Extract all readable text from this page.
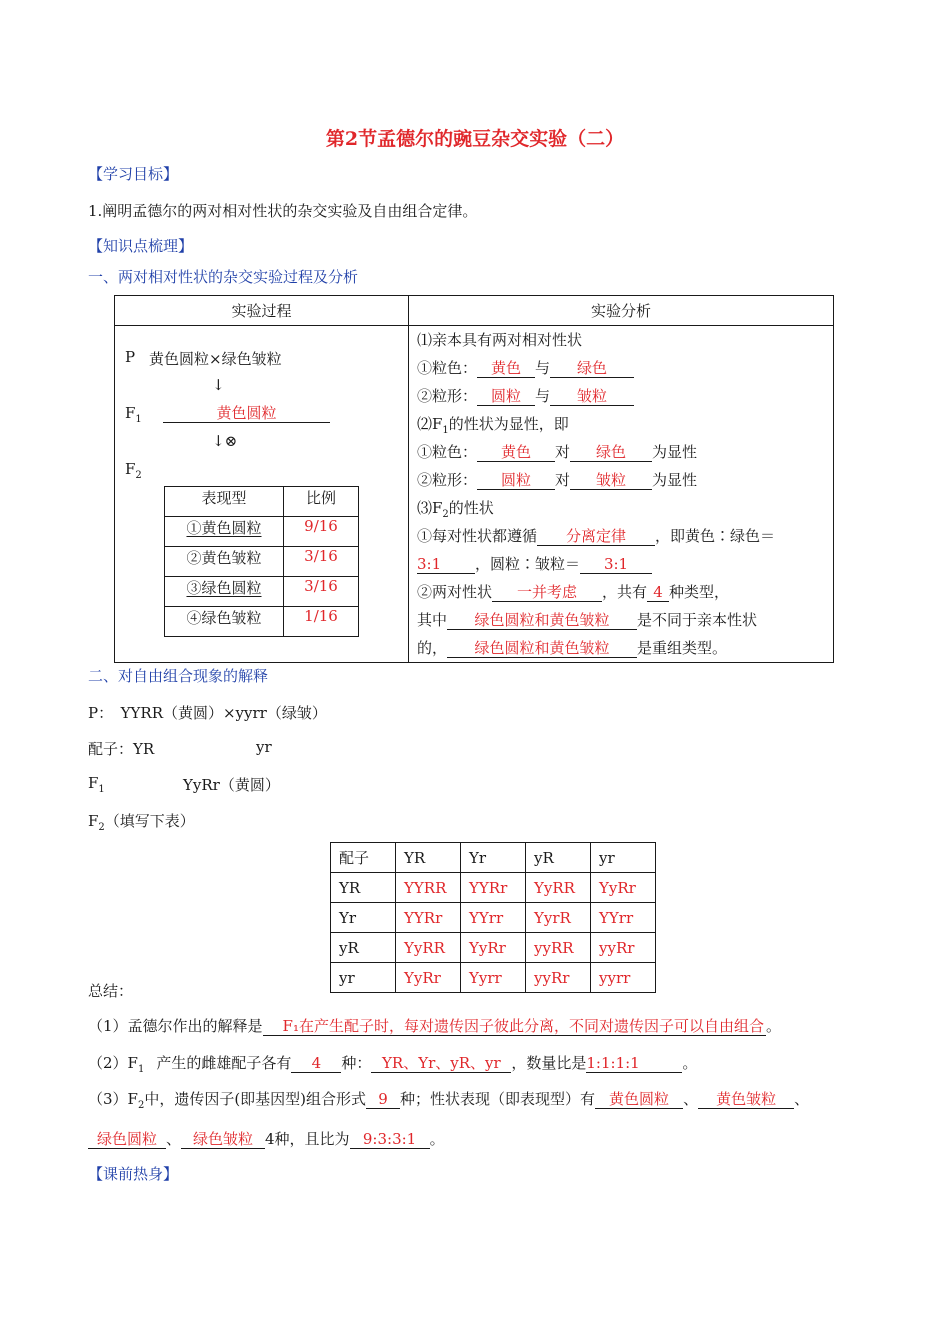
第2节孟德尔的豌豆杂交实验（二）
【学习目标】
1.阐明孟德尔的两对相对性状的杂交实验及自由组合定律。
【知识点梳理】
一、两对相对性状的杂交实验过程及分析
实验过程	实验分析

P 黄色圆粒×绿色皱粒
↓
$F_1$	黄色圆粒
↓⊗
$F_2$
表现型	比例
①黄色圆粒	9/16
②黄色皱粒	3/16
③绿色圆粒	3/16
④绿色皱粒	1/16

⑴亲本具有两对相对性状
①粒色： 黄色 与 绿色
②粒形： 圆粒 与 皱粒
$⑵F_1$的性状为显性，即
①粒色： 黄色 对 绿色 为显性
②粒形： 圆粒 对 皱粒 为显性
$⑶F_2$的性状
①每对性状都遵循 分离定律 ，即黄色∶绿色＝
3:1 ，圆粒∶皱粒＝ 3:1
②两对性状 一并考虑 ，共有 4 种类型，
其中 绿色圆粒和黄色皱粒 是不同于亲本性状
的， 绿色圆粒和黄色皱粒 是重组类型。
二、对自由组合现象的解释
P：　YYRR（黄圆）×yyrr（绿皱）
配子：YR	yr
$F_1$	YyRr（黄圆）
$F_2$（填写下表）
配子	YR	Yr	yR	yr
YR	YYRR	YYRr	YyRR	YyRr
Yr	YYRr	YYrr	YyrR	YYrr
yR	YyRR	YyRr	yyRR	yyRr
yr	YyRr	Yyrr	yyRr	yyrr
总结：
（1）孟德尔作出的解释是 F₁在产生配子时，每对遗传因子彼此分离，不同对遗传因子可以自由组合 。
$(2)F_1$ 产生的雌雄配子各有 4 种： YR、Yr、yR、yr ，数量比是1:1:1:1	。
$(3)F_2$中，遗传因子(即基因型)组合形式 9 种；性状表现（即表现型）有 黄色圆粒 、 黄色皱粒 、
绿色圆粒 、 绿色皱粒 4种，且比为 9:3:3:1 。
【课前热身】
